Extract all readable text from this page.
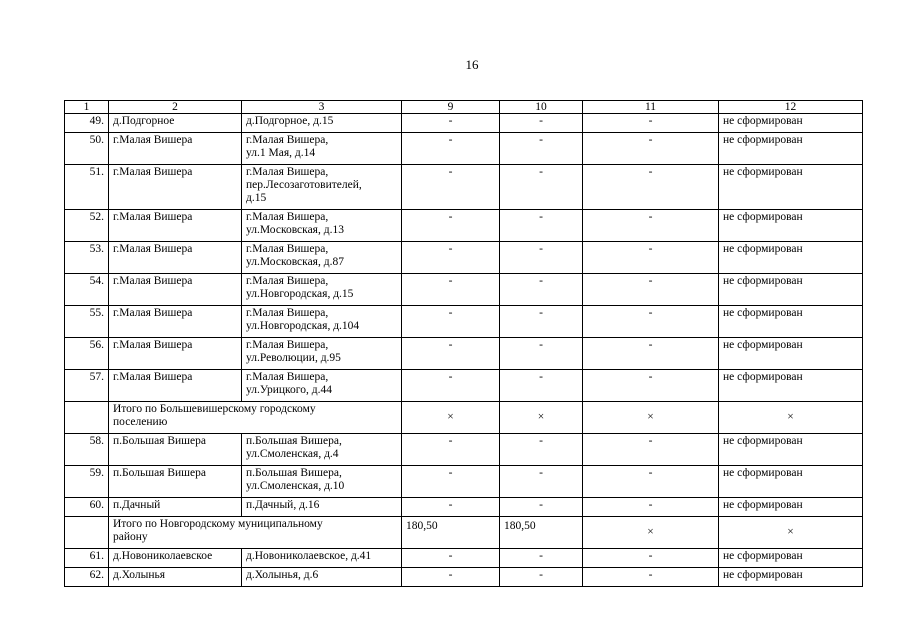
16
1	2	3	9	10	11	12
49.	д.Подгорное	д.Подгорное, д.15	-	-	-	не сформирован
50.	г.Малая Вишера	г.Малая Вишера,
ул.1 Мая, д.14	-	-	-	не сформирован
51.	г.Малая Вишера	г.Малая Вишера,
пер.Лесозаготовителей,
д.15	-	-	-	не сформирован
52.	г.Малая Вишера	г.Малая Вишера,
ул.Московская, д.13	-	-	-	не сформирован
53.	г.Малая Вишера	г.Малая Вишера,
ул.Московская, д.87	-	-	-	не сформирован
54.	г.Малая Вишера	г.Малая Вишера,
ул.Новгородская, д.15	-	-	-	не сформирован
55.	г.Малая Вишера	г.Малая Вишера,
ул.Новгородская, д.104	-	-	-	не сформирован
56.	г.Малая Вишера	г.Малая Вишера,
ул.Революции, д.95	-	-	-	не сформирован
57.	г.Малая Вишера	г.Малая Вишера,
ул.Урицкого, д.44	-	-	-	не сформирован

	Итого по Большевишерскому городскому
поселению		×	×	×	×
58.	п.Большая Вишера	п.Большая Вишера,
ул.Смоленская, д.4	-	-	-	не сформирован
59.	п.Большая Вишера	п.Большая Вишера,
ул.Смоленская, д.10	-	-	-	не сформирован
60.	п.Дачный	п.Дачный, д.16	-	-	-	не сформирован

	Итого по Новгородскому муниципальному
району		180,50	180,50	×	×
61.	д.Новониколаевское	д.Новониколаевское, д.41	-	-	-	не сформирован
62.	д.Холынья	д.Холынья, д.6	-	-	-	не сформирован
